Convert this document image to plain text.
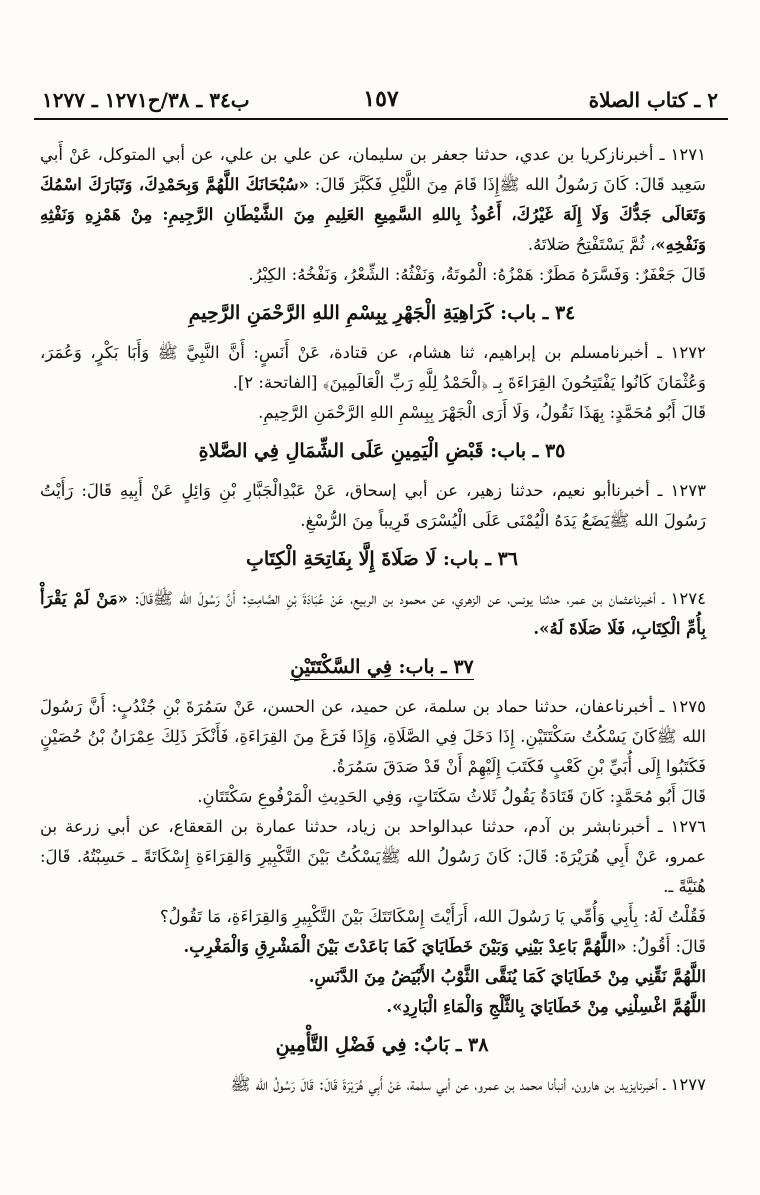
٢ ـ كتاب الصلاة
١٥٧
ب٣٤ ـ ٣٨/ح١٢٧١ ـ ١٢٧٧

١٢٧١ ـ أخبرنازكريا بن عدي، حدثنا جعفر بن سليمان، عن علي بن علي، عن أبي المتوكل، عَنْ أَبي سَعِيد قَالَ: كَانَ رَسُولُ الله ﷺإِذَا قَامَ مِنَ اللَّيْلِ فَكَبَّرَ قَالَ: «سُبْحَانَكَ اللَّهُمَّ وَبِحَمْدِكَ، وَتَبَارَكَ اسْمُكَ وَتَعَالَى جَدُّكَ وَلَا إِلَهَ غَيْرُكَ، أَعُوذُ بِاللهِ السَّمِيعِ العَلِيمِ مِنَ الشَّيْطَانِ الرَّجِيمِ: مِنْ هَمْزِهِ وَنَفْثِهِ وَنَفْخِهِ»، ثُمَّ يَسْتَفْتِحُ صَلاتَهُ.

قَالَ جَعْفَرٌ: وَفَسَّرَهُ مَطَرٌ: هَمْزُهُ: الْمُوتَةُ، وَنَفْثُهُ: الشِّعْرُ، وَنَفْخُهُ: الكِبْرُ.

٣٤ ـ باب: كَرَاهِيَةِ الْجَهْرِ بِبِسْمِ اللهِ الرَّحْمَنِ الرَّحِيمِ

١٢٧٢ ـ أخبرنامسلم بن إبراهيم، ثنا هشام، عن قتادة، عَنْ أَنَسٍ: أَنَّ النَّبِيَّ ﷺ وَأَبَا بَكْرٍ، وَعُمَرَ، وَعُثْمَانَ كَانُوا يَفْتَتِحُونَ القِرَاءَةَ بِـ ﴿الْحَمْدُ لِلَّهِ رَبِّ الْعَالَمِينَ﴾ [الفاتحة: ٢].

قَالَ أَبُو مُحَمَّدٍ: بِهَذَا نَقُولُ، وَلَا أَرَى الْجَهْرَ بِبِسْمِ اللهِ الرَّحْمَنِ الرَّحِيمِ.

٣٥ ـ باب: قَبْضِ الْيَمِينِ عَلَى الشِّمَالِ فِي الصَّلاةِ

١٢٧٣ ـ أخبرناأبو نعيم، حدثنا زهير، عن أبي إسحاق، عَنْ عَبْدِالْجَبَّارِ بْنِ وَائِلٍ عَنْ أَبِيهِ قَالَ: رَأَيْتُ رَسُولَ الله ﷺيَضَعُ يَدَهُ الْيُمْنَى عَلَى الْيُسْرَى قَرِيباً مِنَ الرُّسْغِ.

٣٦ ـ باب: لَا صَلَاةَ إِلَّا بِفَاتِحَةِ الْكِتَابِ

١٢٧٤ ـ أخبرناعثمان بن عمر، حدثنا يونس، عن الزهري، عن محمود بن الربيع، عَنْ عُبَادَةَ بْنِ الصَّامِتِ: أَنَّ رَسُولَ الله ﷺقَالَ: «مَنْ لَمْ يَقْرَأْ بِأُمِّ الْكِتَابِ، فَلَا صَلَاةَ لَهُ».

٣٧ ـ باب: فِي السَّكْتَتَيْنِ

١٢٧٥ ـ أخبرناعفان، حدثنا حماد بن سلمة، عن حميد، عن الحسن، عَنْ سَمُرَةَ بْنِ جُنْدُبٍ: أَنَّ رَسُولَ الله ﷺكَانَ يَسْكُتُ سَكْتَتَيْنِ. إِذَا دَخَلَ فِي الصَّلَاةِ، وَإِذَا فَرَغَ مِنَ القِرَاءَةِ، فَأَنْكَرَ ذَلِكَ عِمْرَانُ بْنُ حُصَيْنٍ فَكَتَبُوا إِلَى أُبَيِّ بْنِ كَعْبٍ فَكَتَبَ إِلَيْهِمْ أَنْ قَدْ صَدَقَ سَمُرَةُ.

قَالَ أَبُو مُحَمَّدٍ: كَانَ قَتَادَةُ يَقُولُ ثَلاثُ سَكَتَاتٍ، وَفِي الحَدِيثِ الْمَرْفُوعِ سَكْتَتَانِ.

١٢٧٦ ـ أخبرنابشر بن آدم، حدثنا عبدالواحد بن زياد، حدثنا عمارة بن القعقاع، عن أبي زرعة بن عمرو، عَنْ أَبِي هُرَيْرَةَ: قَالَ: كَانَ رَسُولُ الله ﷺيَسْكُتُ بَيْنَ التَّكْبِيرِ وَالقِرَاءَةِ إِسْكَاتَةً ـ حَسِبْتُهُ. قَالَ: هُنَيَّةً ـ.

فَقُلْتُ لَهُ: بِأَبِي وَأُمِّي يَا رَسُولَ الله، أَرَأَيْتَ إِسْكَاتَتَكَ بَيْنَ التَّكْبِيرِ وَالقِرَاءَةِ، مَا تَقُولُ؟

قَالَ: أَقُولُ: «اللَّهُمَّ بَاعِدْ بَيْنِي وَبَيْنَ خَطَايَايَ كَمَا بَاعَدْتَ بَيْنَ الْمَشْرِقِ وَالْمَغْرِبِ.

اللَّهُمَّ نَقِّنِي مِنْ خَطَايَايَ كَمَا يُنَقَّى الثَّوْبُ الأَبْيَضُ مِنَ الدَّنَسِ.

اللَّهُمَّ اغْسِلْنِي مِنْ خَطَايَايَ بِالثَّلْجِ وَالْمَاءِ الْبَارِدِ».

٣٨ ـ بَابٌ: فِي فَضْلِ التَّأْمِينِ

١٢٧٧ ـ أخبرنايزيد بن هارون، أنبأنا محمد بن عمرو، عن أبي سلمة، عَنْ أَبِي هُرَيْرَةَ قَالَ: قَالَ رَسُولُ الله ﷺ
